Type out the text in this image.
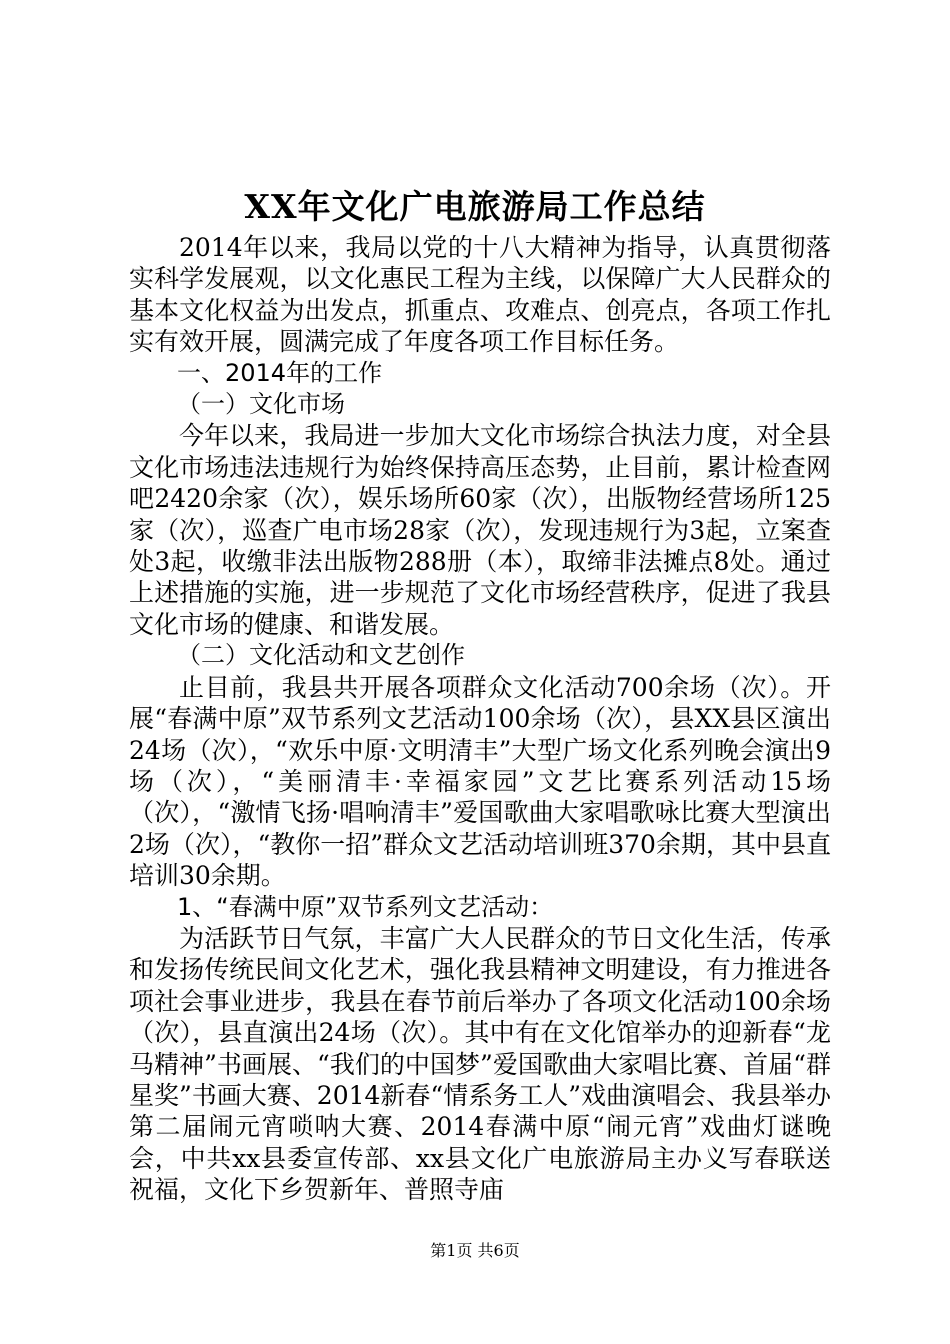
XX年文化广电旅游局工作总结

2014年以来，我局以党的十八大精神为指导，认真贯彻落实科学发展观，以文化惠民工程为主线，以保障广大人民群众的基本文化权益为出发点，抓重点、攻难点、创亮点，各项工作扎实有效开展，圆满完成了年度各项工作目标任务。

一、2014年的工作

（一）文化市场

今年以来，我局进一步加大文化市场综合执法力度，对全县文化市场违法违规行为始终保持高压态势，止目前，累计检查网吧2420余家（次），娱乐场所60家（次），出版物经营场所125家（次），巡查广电市场28家（次），发现违规行为3起，立案查处3起，收缴非法出版物288册（本），取缔非法摊点8处。通过上述措施的实施，进一步规范了文化市场经营秩序，促进了我县文化市场的健康、和谐发展。

（二）文化活动和文艺创作

止目前，我县共开展各项群众文化活动700余场（次）。开展“春满中原”双节系列文艺活动100余场（次），县XX县区演出24场（次），“欢乐中原·文明清丰”大型广场文化系列晚会演出9场（次），“美丽清丰·幸福家园”文艺比赛系列活动15场（次），“激情飞扬·唱响清丰”爱国歌曲大家唱歌咏比赛大型演出2场（次），“教你一招”群众文艺活动培训班370余期，其中县直培训30余期。

1、“春满中原”双节系列文艺活动：

为活跃节日气氛，丰富广大人民群众的节日文化生活，传承和发扬传统民间文化艺术，强化我县精神文明建设，有力推进各项社会事业进步，我县在春节前后举办了各项文化活动100余场（次），县直演出24场（次）。其中有在文化馆举办的迎新春“龙马精神”书画展、“我们的中国梦”爱国歌曲大家唱比赛、首届“群星奖”书画大赛、2014新春“情系务工人”戏曲演唱会、我县举办第二届闹元宵唢呐大赛、2014春满中原“闹元宵”戏曲灯谜晚会，中共xx县委宣传部、xx县文化广电旅游局主办义写春联送祝福，文化下乡贺新年、普照寺庙

第1页 共6页
